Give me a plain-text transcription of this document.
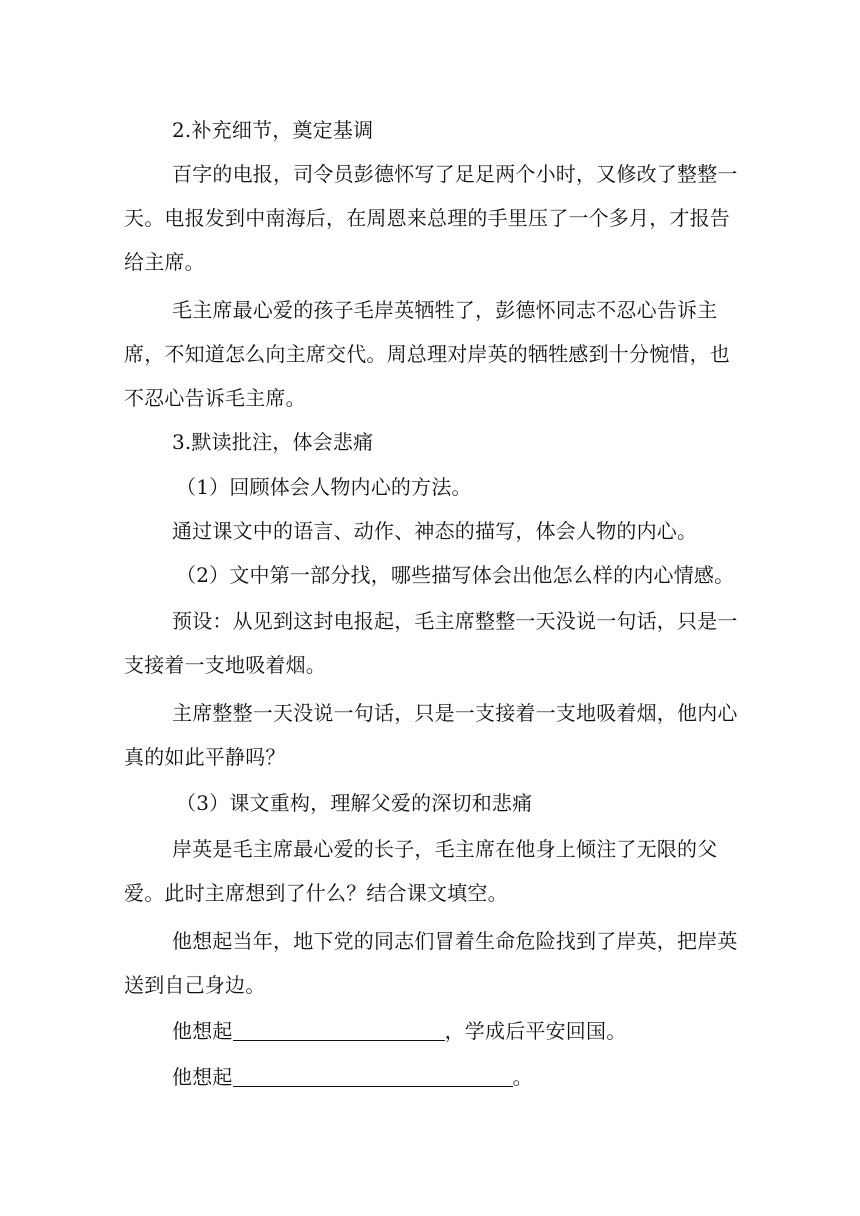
2.补充细节，奠定基调
百字的电报，司令员彭德怀写了足足两个小时，又修改了整整一
天。电报发到中南海后，在周恩来总理的手里压了一个多月，才报告
给主席。
毛主席最心爱的孩子毛岸英牺牲了，彭德怀同志不忍心告诉主
席，不知道怎么向主席交代。周总理对岸英的牺牲感到十分惋惜，也
不忍心告诉毛主席。
3.默读批注，体会悲痛
（1）回顾体会人物内心的方法。
通过课文中的语言、动作、神态的描写，体会人物的内心。
（2）文中第一部分找，哪些描写体会出他怎么样的内心情感。
预设：从见到这封电报起，毛主席整整一天没说一句话，只是一
支接着一支地吸着烟。
主席整整一天没说一句话，只是一支接着一支地吸着烟，他内心
真的如此平静吗？
（3）课文重构，理解父爱的深切和悲痛
岸英是毛主席最心爱的长子，毛主席在他身上倾注了无限的父
爱。此时主席想到了什么？结合课文填空。
他想起当年，地下党的同志们冒着生命危险找到了岸英，把岸英
送到自己身边。
他想起	，学成后平安回国。
他想起	。
